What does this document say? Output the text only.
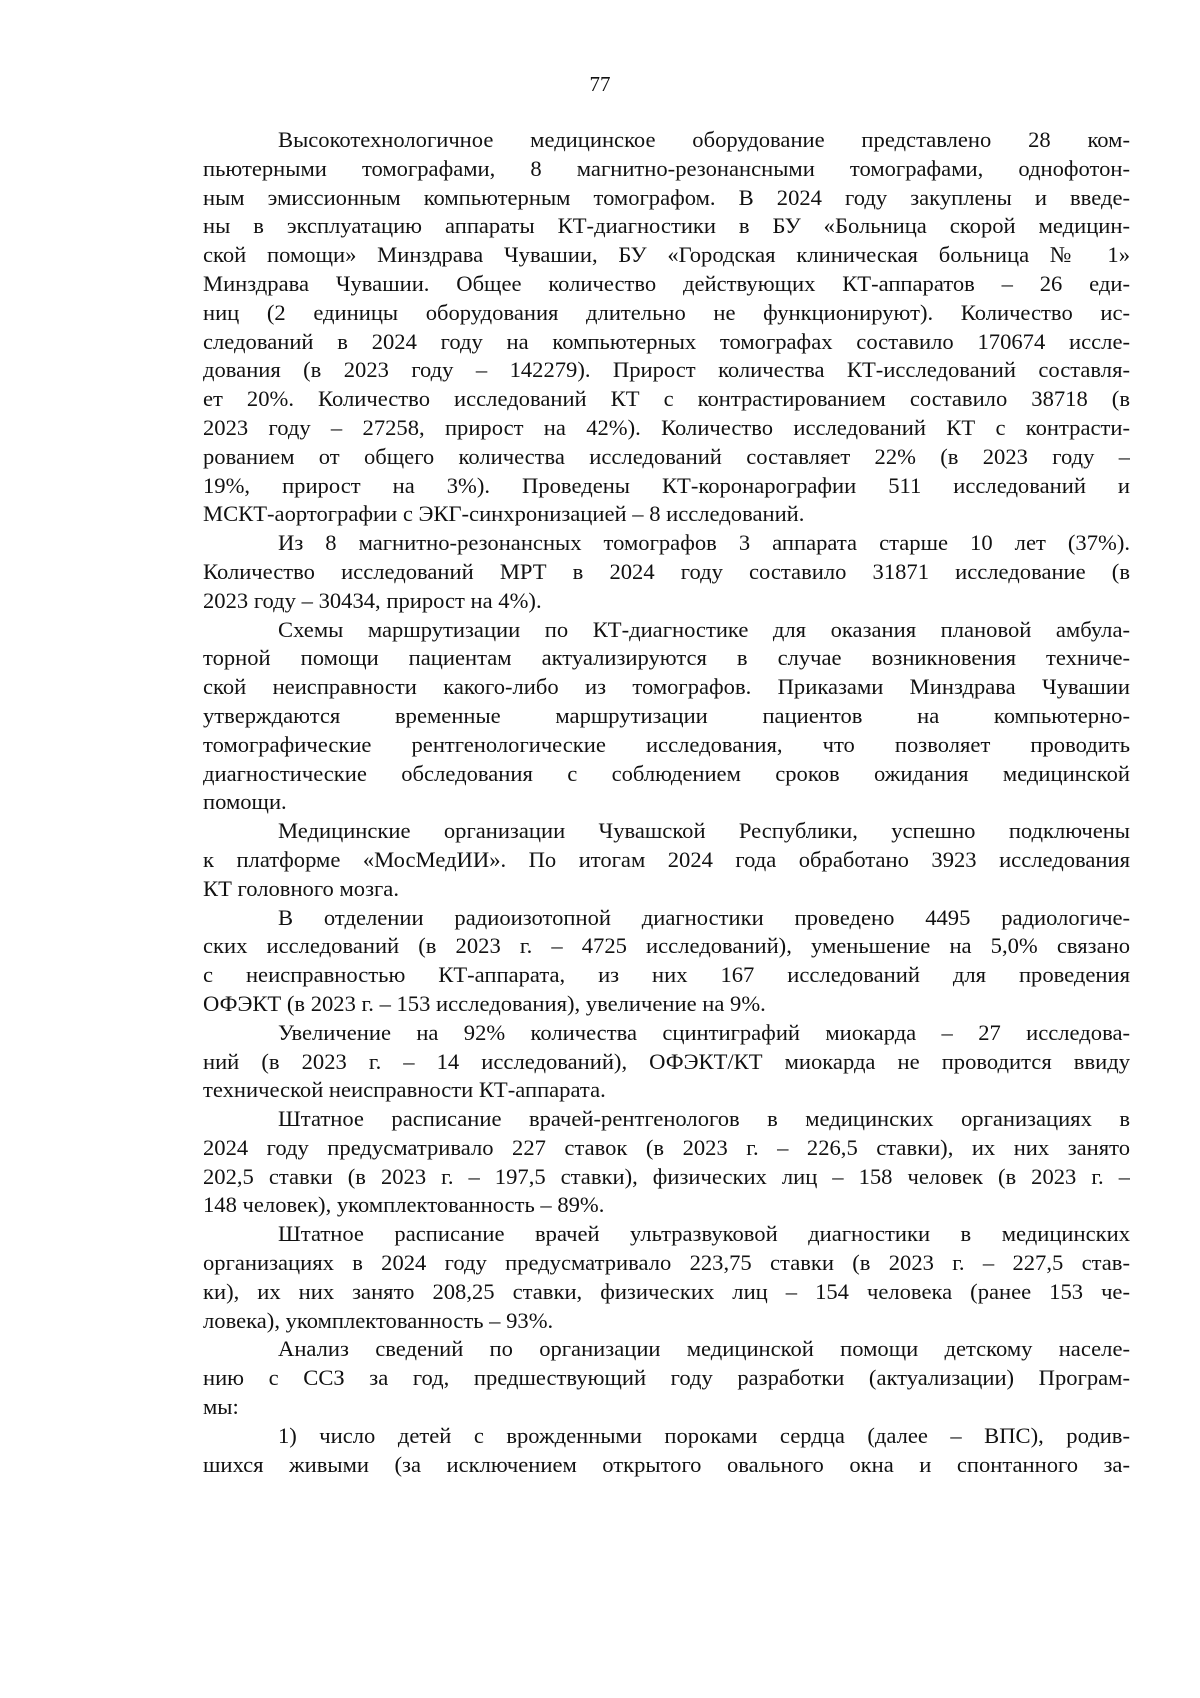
77
Высокотехнологичное медицинское оборудование представлено 28 ком-
пьютерными томографами, 8 магнитно-резонансными томографами, однофотон-
ным эмиссионным компьютерным томографом. В 2024 году закуплены и введе-
ны в эксплуатацию аппараты КТ-диагностики в БУ «Больница скорой медицин-
ской помощи» Минздрава Чувашии, БУ «Городская клиническая больница № 1»
Минздрава Чувашии. Общее количество действующих КТ-аппаратов – 26 еди-
ниц (2 единицы оборудования длительно не функционируют). Количество ис-
следований в 2024 году на компьютерных томографах составило 170674 иссле-
дования (в 2023 году – 142279). Прирост количества КТ-исследований составля-
ет 20%. Количество исследований КТ с контрастированием составило 38718 (в
2023 году – 27258, прирост на 42%). Количество исследований КТ с контрасти-
рованием от общего количества исследований составляет 22% (в 2023 году –
19%, прирост на 3%). Проведены КТ-коронарографии 511 исследований и
МСКТ-аортографии с ЭКГ-синхронизацией – 8 исследований.
Из 8 магнитно-резонансных томографов 3 аппарата старше 10 лет (37%).
Количество исследований МРТ в 2024 году составило 31871 исследование (в
2023 году – 30434, прирост на 4%).
Схемы маршрутизации по КТ-диагностике для оказания плановой амбула-
торной помощи пациентам актуализируются в случае возникновения техниче-
ской неисправности какого-либо из томографов. Приказами Минздрава Чувашии
утверждаются временные маршрутизации пациентов на компьютерно-
томографические рентгенологические исследования, что позволяет проводить
диагностические обследования с соблюдением сроков ожидания медицинской
помощи.
Медицинские организации Чувашской Республики, успешно подключены
к платформе «МосМедИИ». По итогам 2024 года обработано 3923 исследования
КТ головного мозга.
В отделении радиоизотопной диагностики проведено 4495 радиологиче-
ских исследований (в 2023 г. – 4725 исследований), уменьшение на 5,0% связано
с неисправностью КТ-аппарата, из них 167 исследований для проведения
ОФЭКТ (в 2023 г. – 153 исследования), увеличение на 9%.
Увеличение на 92% количества сцинтиграфий миокарда – 27 исследова-
ний (в 2023 г. – 14 исследований), ОФЭКТ/КТ миокарда не проводится ввиду
технической неисправности КТ-аппарата.
Штатное расписание врачей-рентгенологов в медицинских организациях в
2024 году предусматривало 227 ставок (в 2023 г. – 226,5 ставки), их них занято
202,5 ставки (в 2023 г. – 197,5 ставки), физических лиц – 158 человек (в 2023 г. –
148 человек), укомплектованность – 89%.
Штатное расписание врачей ультразвуковой диагностики в медицинских
организациях в 2024 году предусматривало 223,75 ставки (в 2023 г. – 227,5 став-
ки), их них занято 208,25 ставки, физических лиц – 154 человека (ранее 153 че-
ловека), укомплектованность – 93%.
Анализ сведений по организации медицинской помощи детскому населе-
нию с ССЗ за год, предшествующий году разработки (актуализации) Програм-
мы:
1) число детей с врожденными пороками сердца (далее – ВПС), родив-
шихся живыми (за исключением открытого овального окна и спонтанного за-
